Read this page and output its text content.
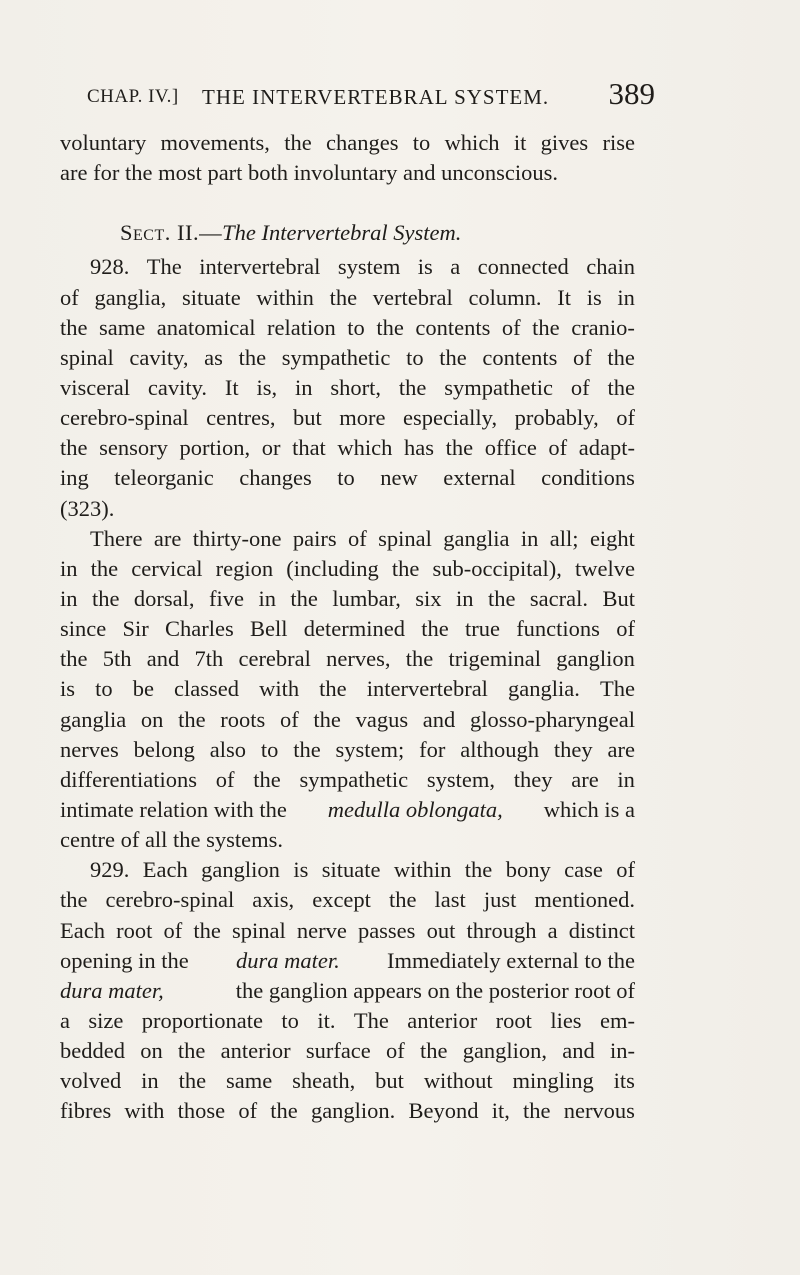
CHAP. IV.] THE INTERVERTEBRAL SYSTEM. 389
voluntary movements, the changes to which it gives rise
are for the most part both involuntary and unconscious.
Sect. II.—The Intervertebral System.
928. The intervertebral system is a connected chain
of ganglia, situate within the vertebral column. It is in
the same anatomical relation to the contents of the cranio-
spinal cavity, as the sympathetic to the contents of the
visceral cavity. It is, in short, the sympathetic of the
cerebro-spinal centres, but more especially, probably, of
the sensory portion, or that which has the office of adapt-
ing teleorganic changes to new external conditions
(323).
There are thirty-one pairs of spinal ganglia in all; eight
in the cervical region (including the sub-occipital), twelve
in the dorsal, five in the lumbar, six in the sacral. But
since Sir Charles Bell determined the true functions of
the 5th and 7th cerebral nerves, the trigeminal ganglion
is to be classed with the intervertebral ganglia. The
ganglia on the roots of the vagus and glosso-pharyngeal
nerves belong also to the system; for although they are
differentiations of the sympathetic system, they are in
intimate relation with the medulla oblongata, which is a
centre of all the systems.
929. Each ganglion is situate within the bony case of
the cerebro-spinal axis, except the last just mentioned.
Each root of the spinal nerve passes out through a distinct
opening in the dura mater. Immediately external to the
dura mater,	the ganglion appears on the posterior root of
a size proportionate to it. The anterior root lies em-
bedded on the anterior surface of the ganglion, and in-
volved in the same sheath, but without mingling its
fibres with those of the ganglion. Beyond it, the nervous
